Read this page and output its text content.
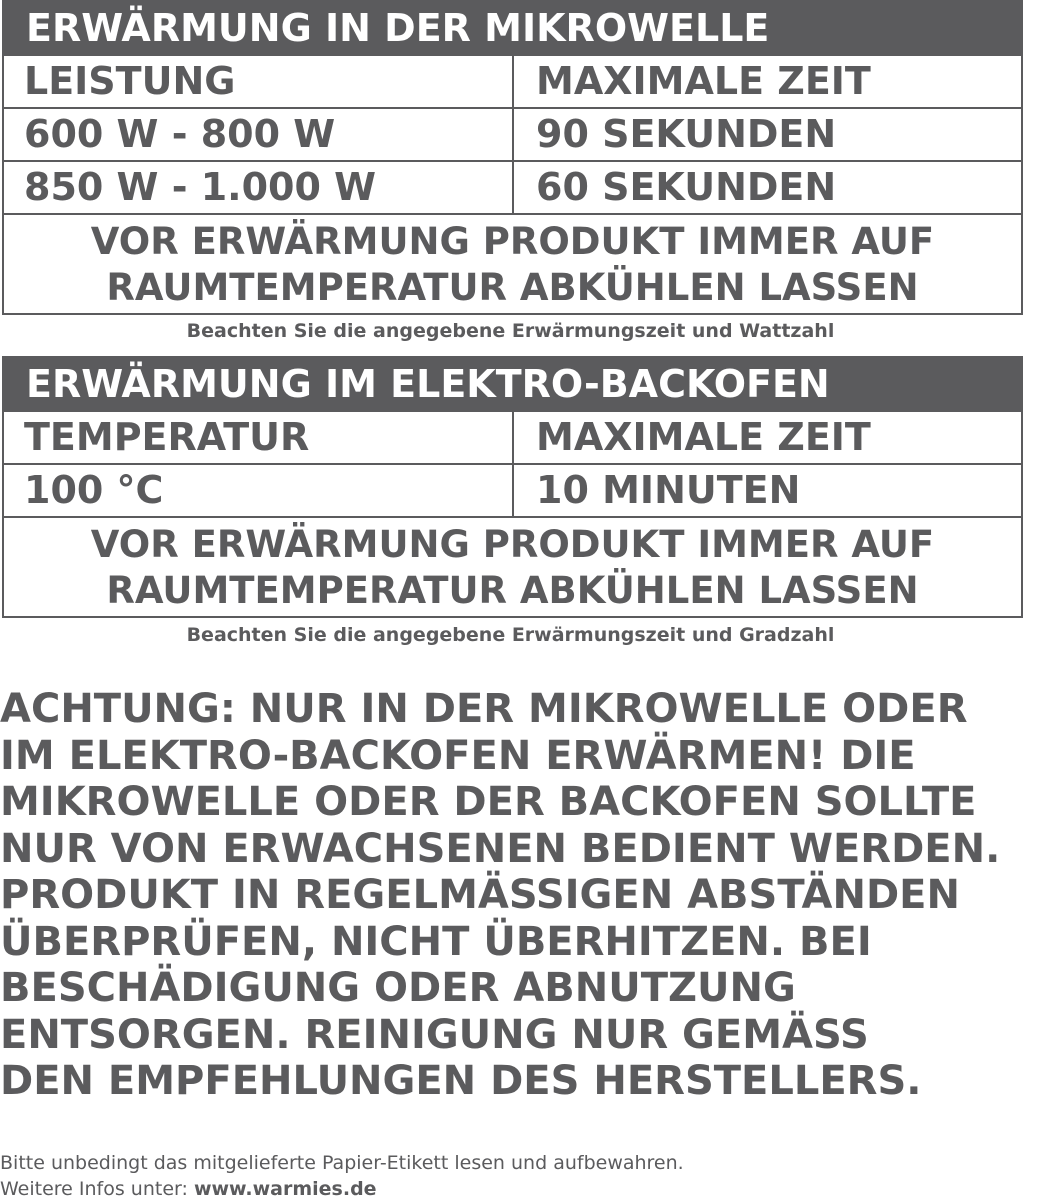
ERWÄRMUNG IN DER MIKROWELLE
LEISTUNG	MAXIMALE ZEIT
600 W - 800 W	90 SEKUNDEN
850 W - 1.000 W	60 SEKUNDEN
VOR ERWÄRMUNG PRODUKT IMMER AUF
RAUMTEMPERATUR ABKÜHLEN LASSEN
Beachten Sie die angegebene Erwärmungszeit und Wattzahl
ERWÄRMUNG IM ELEKTRO-BACKOFEN
TEMPERATUR	MAXIMALE ZEIT
100 °C	10 MINUTEN
VOR ERWÄRMUNG PRODUKT IMMER AUF
RAUMTEMPERATUR ABKÜHLEN LASSEN
Beachten Sie die angegebene Erwärmungszeit und Gradzahl
ACHTUNG: NUR IN DER MIKROWELLE ODER
IM ELEKTRO-BACKOFEN ERWÄRMEN! DIE
MIKROWELLE ODER DER BACKOFEN SOLLTE
NUR VON ERWACHSENEN BEDIENT WERDEN.
PRODUKT IN REGELMÄSSIGEN ABSTÄNDEN
ÜBERPRÜFEN, NICHT ÜBERHITZEN. BEI
BESCHÄDIGUNG ODER ABNUTZUNG
ENTSORGEN. REINIGUNG NUR GEMÄSS
DEN EMPFEHLUNGEN DES HERSTELLERS.
Bitte unbedingt das mitgelieferte Papier-Etikett lesen und aufbewahren.
Weitere Infos unter: www.warmies.de
